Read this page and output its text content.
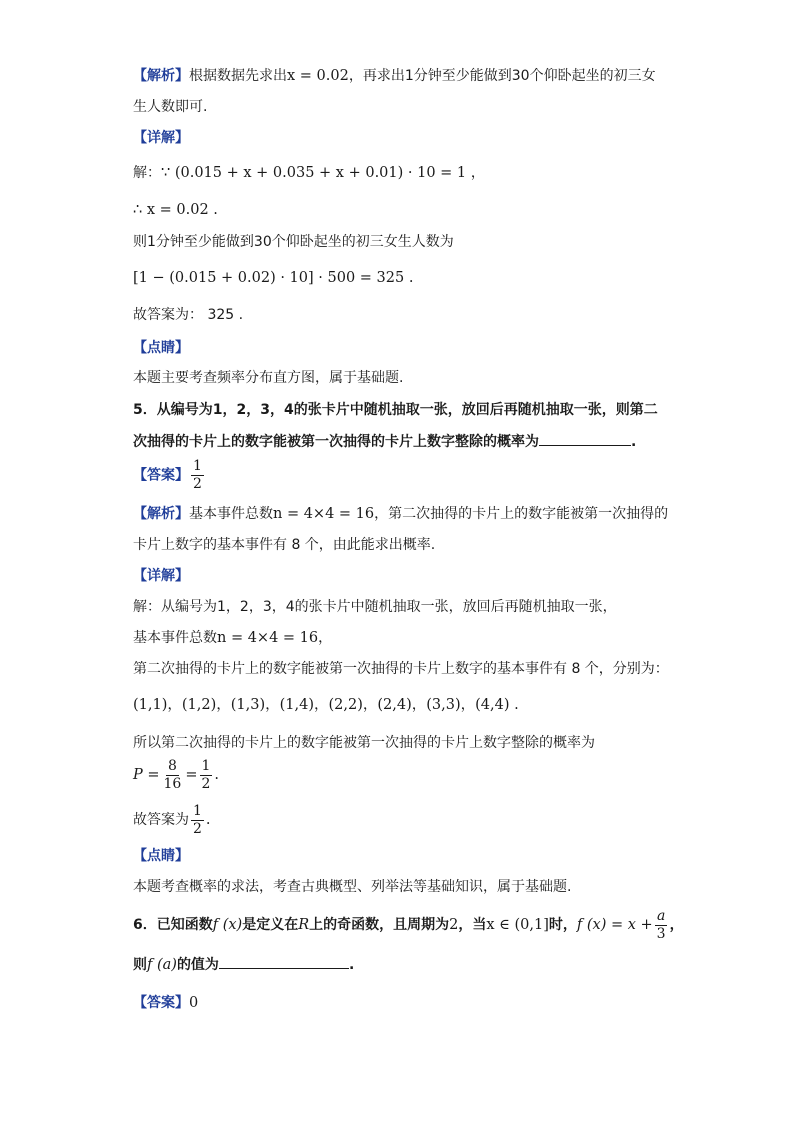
【解析】根据数据先求出x = 0.02，再求出1分钟至少能做到30个仰卧起坐的初三女
生人数即可.
【详解】
解：∵ (0.015 + x + 0.035 + x + 0.01) · 10 = 1 ，
∴ x = 0.02 .
则1分钟至少能做到30个仰卧起坐的初三女生人数为
[1 − (0.015 + 0.02) · 10] · 500 = 325 .
故答案为： 325 .
【点睛】
本题主要考查频率分布直方图，属于基础题.
5．从编号为1，2，3，4的张卡片中随机抽取一张，放回后再随机抽取一张，则第二
次抽得的卡片上的数字能被第一次抽得的卡片上数字整除的概率为	.
【答案】 $\frac{1}{2}$
【解析】基本事件总数n = 4×4 = 16，第二次抽得的卡片上的数字能被第一次抽得的
卡片上数字的基本事件有 8 个，由此能求出概率.
【详解】
解：从编号为1，2，3，4的张卡片中随机抽取一张，放回后再随机抽取一张，
基本事件总数n = 4×4 = 16，
第二次抽得的卡片上的数字能被第一次抽得的卡片上数字的基本事件有 8 个，分别为：
(1,1)，(1,2)，(1,3)，(1,4)，(2,2)，(2,4)，(3,3)，(4,4) .
所以第二次抽得的卡片上的数字能被第一次抽得的卡片上数字整除的概率为
$P = \frac{8}{16} = \frac{1}{2}$ .
故答案为 $\frac{1}{2}$ .
【点睛】
本题考查概率的求法，考查古典概型、列举法等基础知识，属于基础题.
6．已知函数f (x)是定义在R上的奇函数，且周期为2，当x ∈ (0,1]时，f $(x) = x + \frac{a}{3}$ ，
则f (a)的值为	.
【答案】0
